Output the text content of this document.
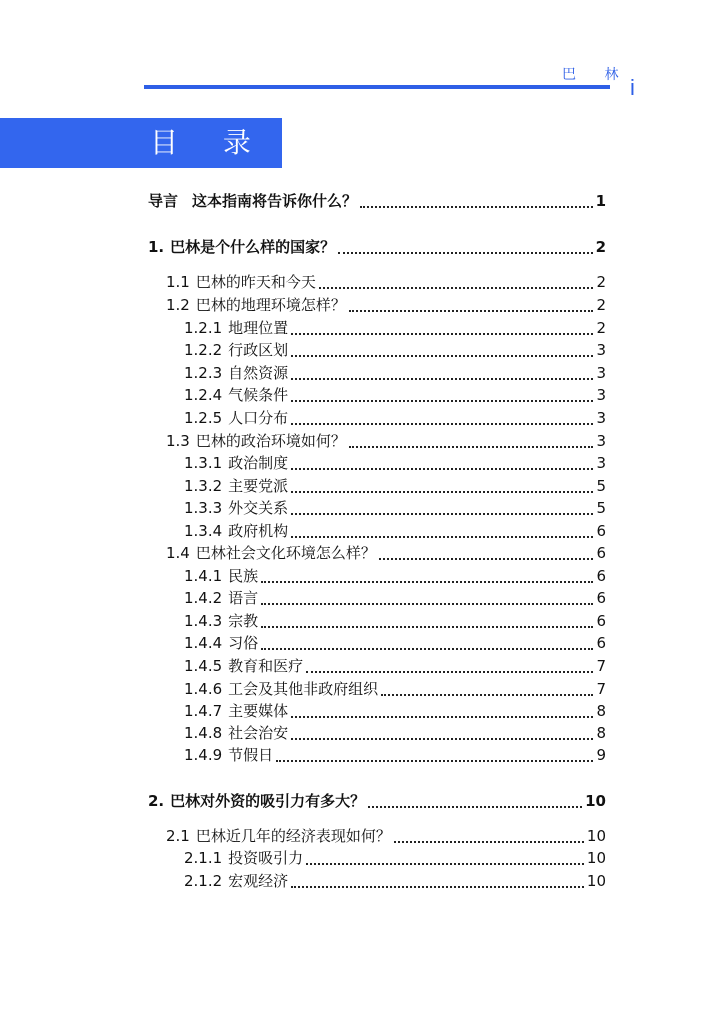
巴 林 i
目 录
导言 这本指南将告诉你什么？	1
1. 巴林是个什么样的国家？	2
1.1 巴林的昨天和今天	2
1.2 巴林的地理环境怎样？	2
1.2.1 地理位置	2
1.2.2 行政区划	3
1.2.3 自然资源	3
1.2.4 气候条件	3
1.2.5 人口分布	3
1.3 巴林的政治环境如何？	3
1.3.1 政治制度	3
1.3.2 主要党派	5
1.3.3 外交关系	5
1.3.4 政府机构	6
1.4 巴林社会文化环境怎么样？	6
1.4.1 民族	6
1.4.2 语言	6
1.4.3 宗教	6
1.4.4 习俗	6
1.4.5 教育和医疗	7
1.4.6 工会及其他非政府组织	7
1.4.7 主要媒体	8
1.4.8 社会治安	8
1.4.9 节假日	9
2. 巴林对外资的吸引力有多大？	10
2.1 巴林近几年的经济表现如何？	10
2.1.1 投资吸引力	10
2.1.2 宏观经济	10
